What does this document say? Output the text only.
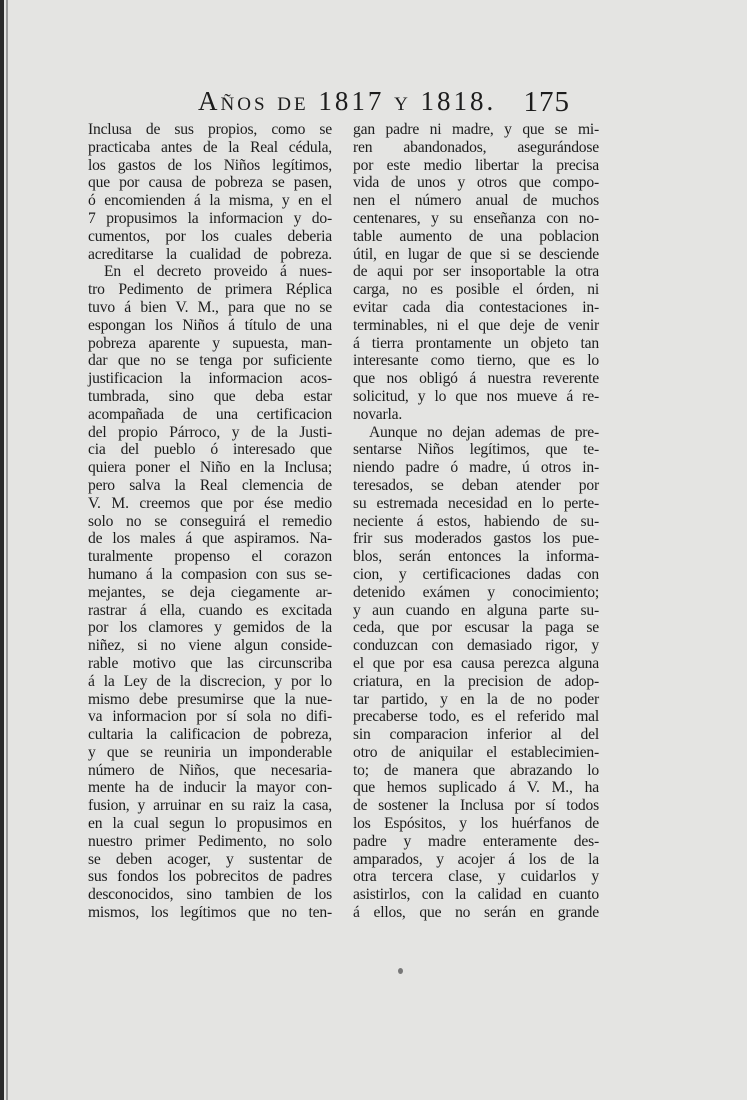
Años de 1817 y 1818. 175
Inclusa de sus propios, como se
practicaba antes de la Real cédula,
los gastos de los Niños legítimos,
que por causa de pobreza se pasen,
ó encomienden á la misma, y en el
7 propusimos la informacion y do-
cumentos, por los cuales deberia
acreditarse la cualidad de pobreza.
En el decreto proveido á nues-
tro Pedimento de primera Réplica
tuvo á bien V. M., para que no se
espongan los Niños á título de una
pobreza aparente y supuesta, man-
dar que no se tenga por suficiente
justificacion la informacion acos-
tumbrada, sino que deba estar
acompañada de una certificacion
del propio Párroco, y de la Justi-
cia del pueblo ó interesado que
quiera poner el Niño en la Inclusa;
pero salva la Real clemencia de
V. M. creemos que por ése medio
solo no se conseguirá el remedio
de los males á que aspiramos. Na-
turalmente propenso el corazon
humano á la compasion con sus se-
mejantes, se deja ciegamente ar-
rastrar á ella, cuando es excitada
por los clamores y gemidos de la
niñez, si no viene algun conside-
rable motivo que las circunscriba
á la Ley de la discrecion, y por lo
mismo debe presumirse que la nue-
va informacion por sí sola no difi-
cultaria la calificacion de pobreza,
y que se reuniria un imponderable
número de Niños, que necesaria-
mente ha de inducir la mayor con-
fusion, y arruinar en su raiz la casa,
en la cual segun lo propusimos en
nuestro primer Pedimento, no solo
se deben acoger, y sustentar de
sus fondos los pobrecitos de padres
desconocidos, sino tambien de los
mismos, los legítimos que no ten-
gan padre ni madre, y que se mi-
ren abandonados, asegurándose
por este medio libertar la precisa
vida de unos y otros que compo-
nen el número anual de muchos
centenares, y su enseñanza con no-
table aumento de una poblacion
útil, en lugar de que si se desciende
de aqui por ser insoportable la otra
carga, no es posible el órden, ni
evitar cada dia contestaciones in-
terminables, ni el que deje de venir
á tierra prontamente un objeto tan
interesante como tierno, que es lo
que nos obligó á nuestra reverente
solicitud, y lo que nos mueve á re-
novarla.
Aunque no dejan ademas de pre-
sentarse Niños legítimos, que te-
niendo padre ó madre, ú otros in-
teresados, se deban atender por
su estremada necesidad en lo perte-
neciente á estos, habiendo de su-
frir sus moderados gastos los pue-
blos, serán entonces la informa-
cion, y certificaciones dadas con
detenido exámen y conocimiento;
y aun cuando en alguna parte su-
ceda, que por escusar la paga se
conduzcan con demasiado rigor, y
el que por esa causa perezca alguna
criatura, en la precision de adop-
tar partido, y en la de no poder
precaberse todo, es el referido mal
sin comparacion inferior al del
otro de aniquilar el establecimien-
to; de manera que abrazando lo
que hemos suplicado á V. M., ha
de sostener la Inclusa por sí todos
los Espósitos, y los huérfanos de
padre y madre enteramente des-
amparados, y acojer á los de la
otra tercera clase, y cuidarlos y
asistirlos, con la calidad en cuanto
á ellos, que no serán en grande
